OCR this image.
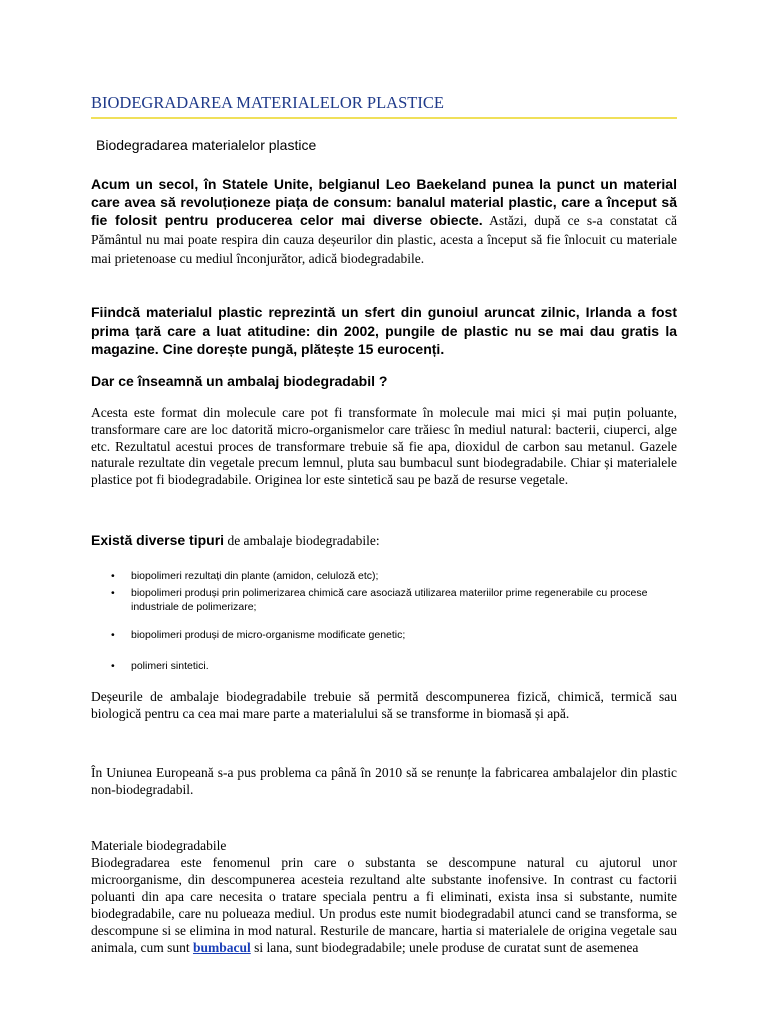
BIODEGRADAREA MATERIALELOR PLASTICE
Biodegradarea materialelor plastice

Acum un secol, în Statele Unite, belgianul Leo Baekeland punea la punct un material care avea să revoluționeze piața de consum: banalul material plastic, care a început să fie folosit pentru producerea celor mai diverse obiecte. Astăzi, după ce s-a constatat că Pământul nu mai poate respira din cauza deșeurilor din plastic, acesta a început să fie înlocuit cu materiale mai prietenoase cu mediul înconjurător, adică biodegradabile.

Fiindcă materialul plastic reprezintă un sfert din gunoiul aruncat zilnic, Irlanda a fost prima țară care a luat atitudine: din 2002, pungile de plastic nu se mai dau gratis la magazine. Cine dorește pungă, plătește 15 eurocenți.

Dar ce înseamnă un ambalaj biodegradabil ?

Acesta este format din molecule care pot fi transformate în molecule mai mici și mai puțin poluante, transformare care are loc datorită micro-organismelor care trăiesc în mediul natural: bacterii, ciuperci, alge etc. Rezultatul acestui proces de transformare trebuie să fie apa, dioxidul de carbon sau metanul. Gazele naturale rezultate din vegetale precum lemnul, pluta sau bumbacul sunt biodegradabile. Chiar și materialele plastice pot fi biodegradabile. Originea lor este sintetică sau pe bază de resurse vegetale.

Există diverse tipuri de ambalaje biodegradabile:

• biopolimeri rezultați din plante (amidon, celuloză etc);
• biopolimeri produși prin polimerizarea chimică care asociază utilizarea materiilor prime regenerabile cu procese industriale de polimerizare;
• biopolimeri produși de micro-organisme modificate genetic;
• polimeri sintetici.

Deșeurile de ambalaje biodegradabile trebuie să permită descompunerea fizică, chimică, termică sau biologică pentru ca cea mai mare parte a materialului să se transforme in biomasă și apă.

În Uniunea Europeană s-a pus problema ca până în 2010 să se renunțe la fabricarea ambalajelor din plastic non-biodegradabil.

Materiale biodegradabile

Biodegradarea este fenomenul prin care o substanta se descompune natural cu ajutorul unor microorganisme, din descompunerea acesteia rezultand alte substante inofensive. In contrast cu factorii poluanti din apa care necesita o tratare speciala pentru a fi eliminati, exista insa si substante, numite biodegradabile, care nu polueaza mediul. Un produs este numit biodegradabil atunci cand se transforma, se descompune si se elimina in mod natural. Resturile de mancare, hartia si materialele de origina vegetale sau animala, cum sunt bumbacul si lana, sunt biodegradabile; unele produse de curatat sunt de asemenea
